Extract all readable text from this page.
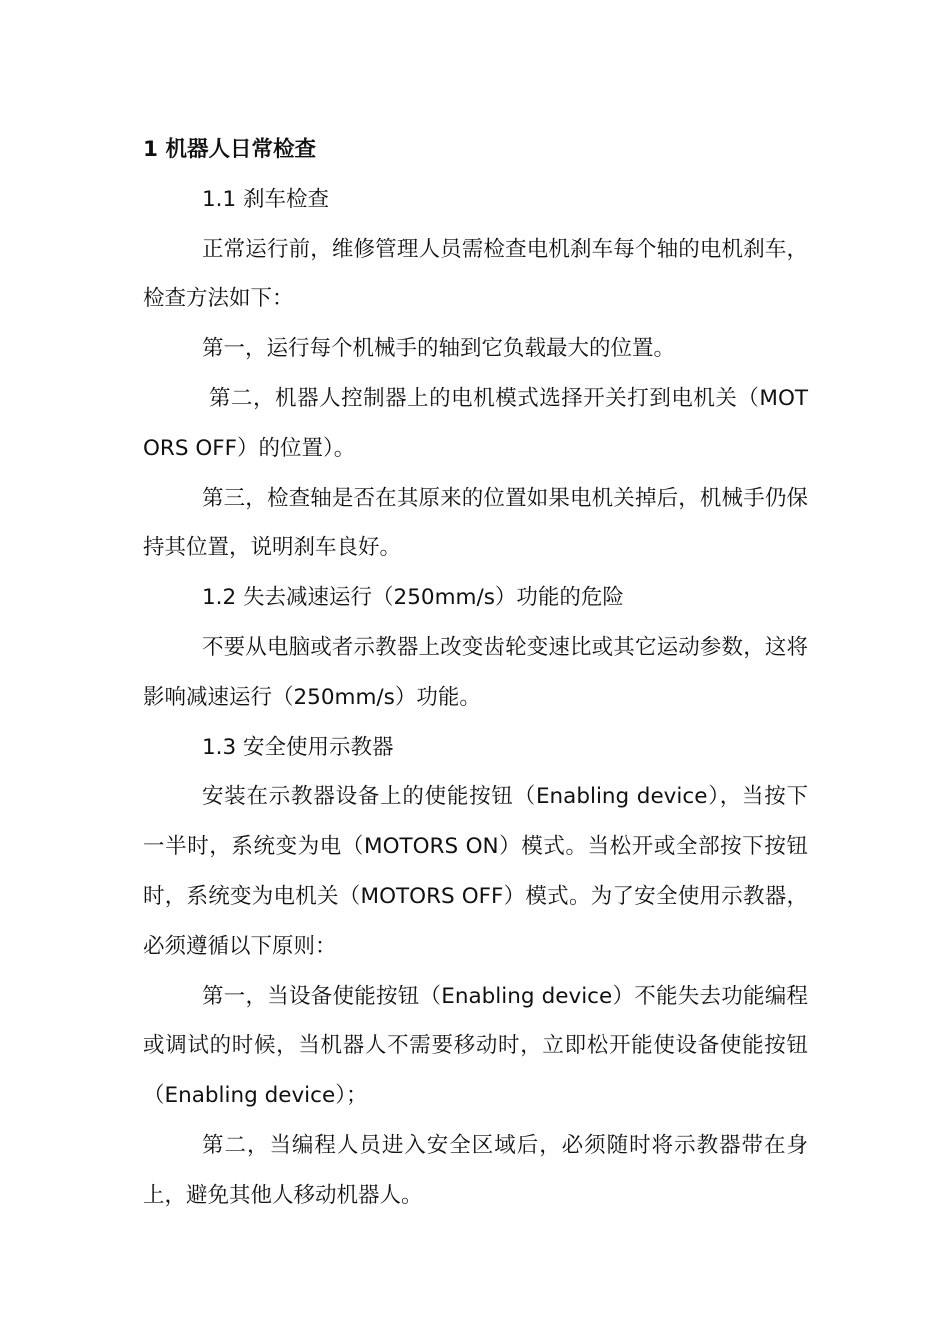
1 机器人日常检查

1.1 刹车检查

正常运行前，维修管理人员需检查电机刹车每个轴的电机刹车，检查方法如下：

第一，运行每个机械手的轴到它负载最大的位置。

第二，机器人控制器上的电机模式选择开关打到电机关（MOTORS OFF）的位置）。

第三，检查轴是否在其原来的位置如果电机关掉后，机械手仍保持其位置，说明刹车良好。

1.2 失去减速运行（250mm/s）功能的危险

不要从电脑或者示教器上改变齿轮变速比或其它运动参数，这将影响减速运行（250mm/s）功能。

1.3 安全使用示教器

安装在示教器设备上的使能按钮（Enabling device），当按下一半时，系统变为电（MOTORS ON）模式。当松开或全部按下按钮时，系统变为电机关（MOTORS OFF）模式。为了安全使用示教器，必须遵循以下原则：

第一，当设备使能按钮（Enabling device）不能失去功能编程或调试的时候，当机器人不需要移动时，立即松开能使设备使能按钮（Enabling device）；

第二，当编程人员进入安全区域后，必须随时将示教器带在身上，避免其他人移动机器人。
